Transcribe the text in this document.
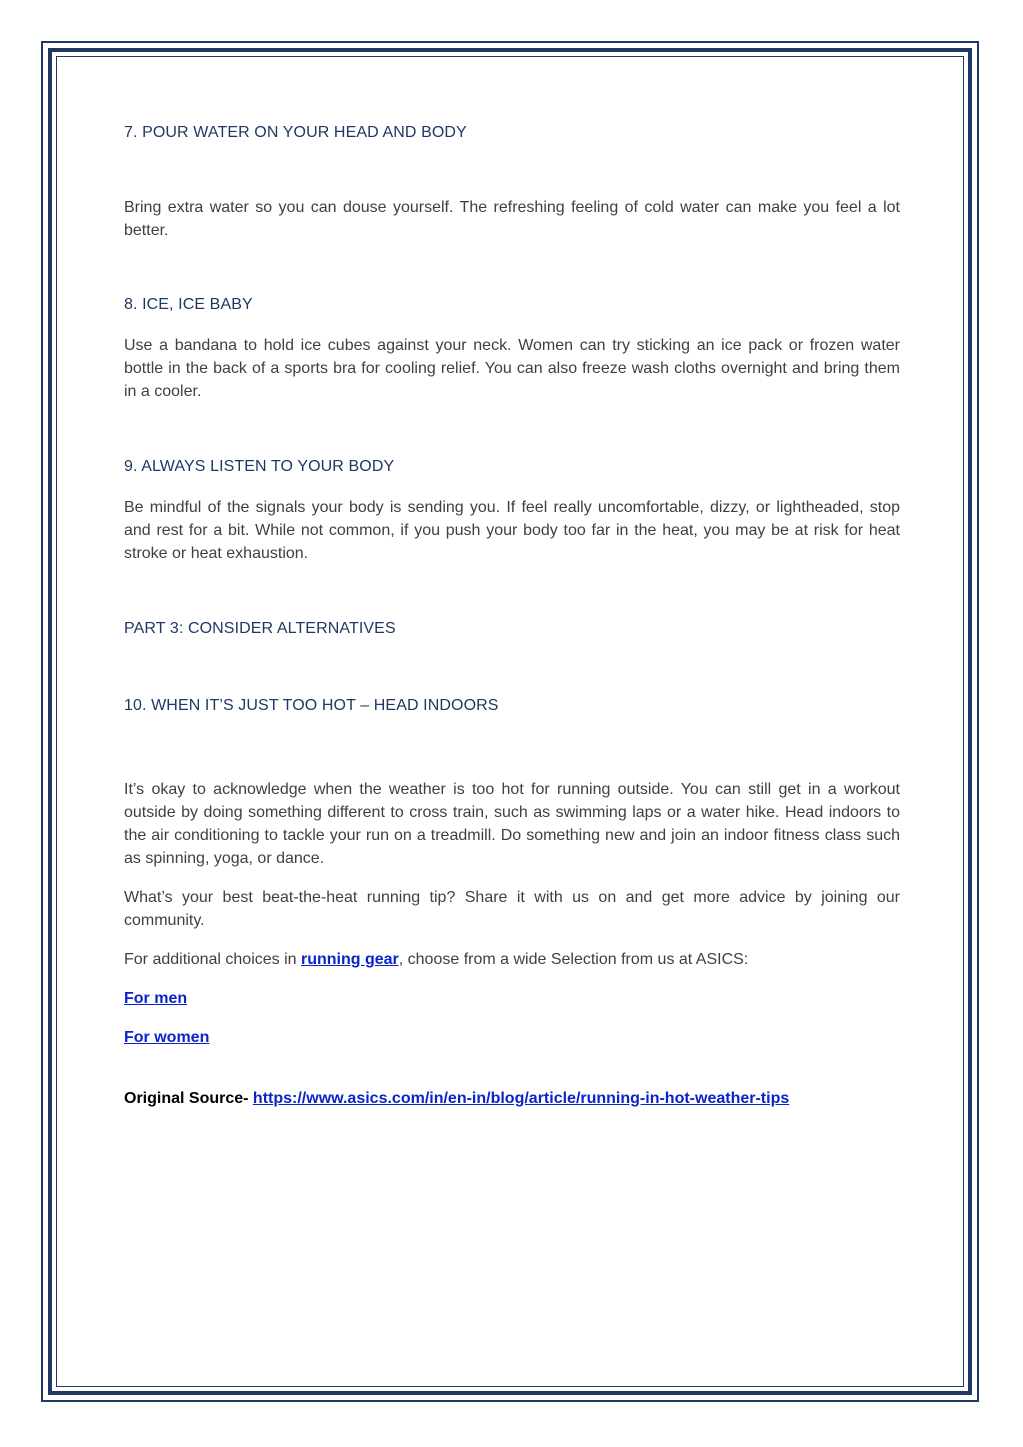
7. POUR WATER ON YOUR HEAD AND BODY

Bring extra water so you can douse yourself. The refreshing feeling of cold water can make you feel a lot better.

8. ICE, ICE BABY

Use a bandana to hold ice cubes against your neck. Women can try sticking an ice pack or frozen water bottle in the back of a sports bra for cooling relief. You can also freeze wash cloths overnight and bring them in a cooler.

9. ALWAYS LISTEN TO YOUR BODY

Be mindful of the signals your body is sending you. If feel really uncomfortable, dizzy, or lightheaded, stop and rest for a bit. While not common, if you push your body too far in the heat, you may be at risk for heat stroke or heat exhaustion.

PART 3: CONSIDER ALTERNATIVES
10. WHEN IT’S JUST TOO HOT – HEAD INDOORS

It’s okay to acknowledge when the weather is too hot for running outside. You can still get in a workout outside by doing something different to cross train, such as swimming laps or a water hike. Head indoors to the air conditioning to tackle your run on a treadmill. Do something new and join an indoor fitness class such as spinning, yoga, or dance.

What’s your best beat-the-heat running tip? Share it with us on and get more advice by joining our community.

For additional choices in running gear, choose from a wide Selection from us at ASICS:

For men

For women

Original Source- https://www.asics.com/in/en-in/blog/article/running-in-hot-weather-tips
